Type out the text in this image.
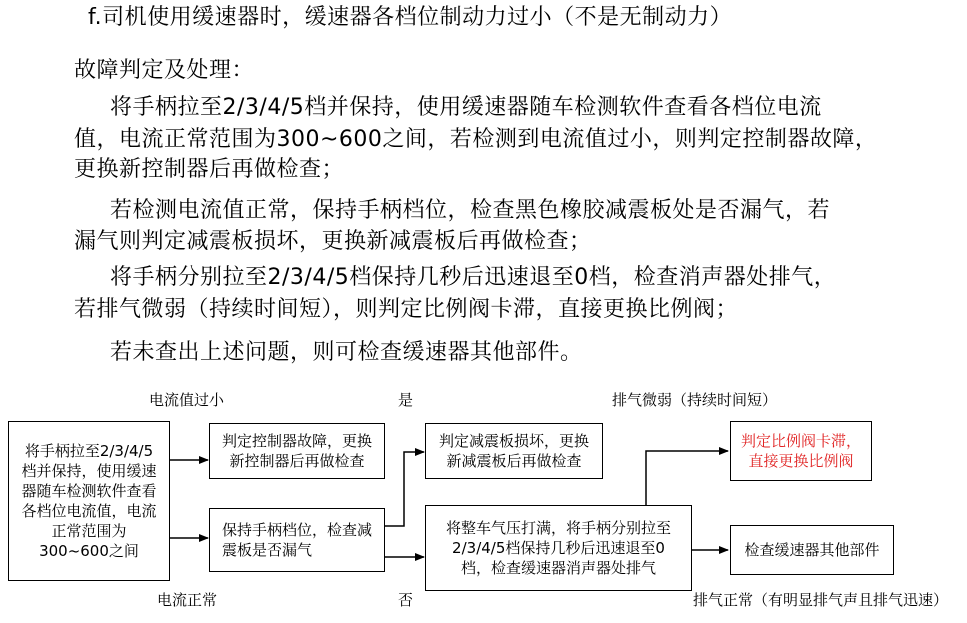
f.司机使用缓速器时，缓速器各档位制动力过小（不是无制动力）
故障判定及处理：
将手柄拉至2/3/4/5档并保持，使用缓速器随车检测软件查看各档位电流
值，电流正常范围为300~600之间，若检测到电流值过小，则判定控制器故障，
更换新控制器后再做检查；
若检测电流值正常，保持手柄档位，检查黑色橡胶减震板处是否漏气，若
漏气则判定减震板损坏，更换新减震板后再做检查；
将手柄分别拉至2/3/4/5档保持几秒后迅速退至0档，检查消声器处排气，
若排气微弱（持续时间短），则判定比例阀卡滞，直接更换比例阀；
若未查出上述问题，则可检查缓速器其他部件。
电流值过小	是	排气微弱（持续时间短）
电流正常	否	排气正常（有明显排气声且排气迅速）
将手柄拉至2/3/4/5
档并保持，使用缓速
器随车检测软件查看
各档位电流值，电流
正常范围为
300~600之间
判定控制器故障，更换
新控制器后再做检查
保持手柄档位，检查减
震板是否漏气
判定减震板损坏，更换
新减震板后再做检查
将整车气压打满，将手柄分别拉至
2/3/4/5档保持几秒后迅速退至0
档，检查缓速器消声器处排气
判定比例阀卡滞，
直接更换比例阀
检查缓速器其他部件
